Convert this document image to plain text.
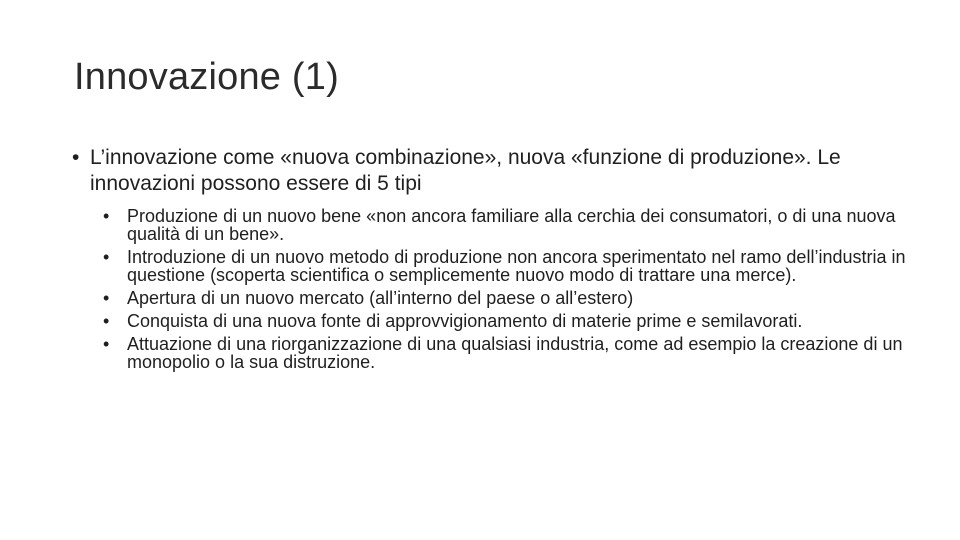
Innovazione (1)
• L’innovazione come «nuova combinazione», nuova «funzione di produzione». Le innovazioni possono essere di 5 tipi
• Produzione di un nuovo bene «non ancora familiare alla cerchia dei consumatori, o di una nuova qualità di un bene».
• Introduzione di un nuovo metodo di produzione non ancora sperimentato nel ramo dell’industria in questione (scoperta scientifica o semplicemente nuovo modo di trattare una merce).
• Apertura di un nuovo mercato (all’interno del paese o all’estero)
• Conquista di una nuova fonte di approvvigionamento di materie prime e semilavorati.
• Attuazione di una riorganizzazione di una qualsiasi industria, come ad esempio la creazione di un monopolio o la sua distruzione.
